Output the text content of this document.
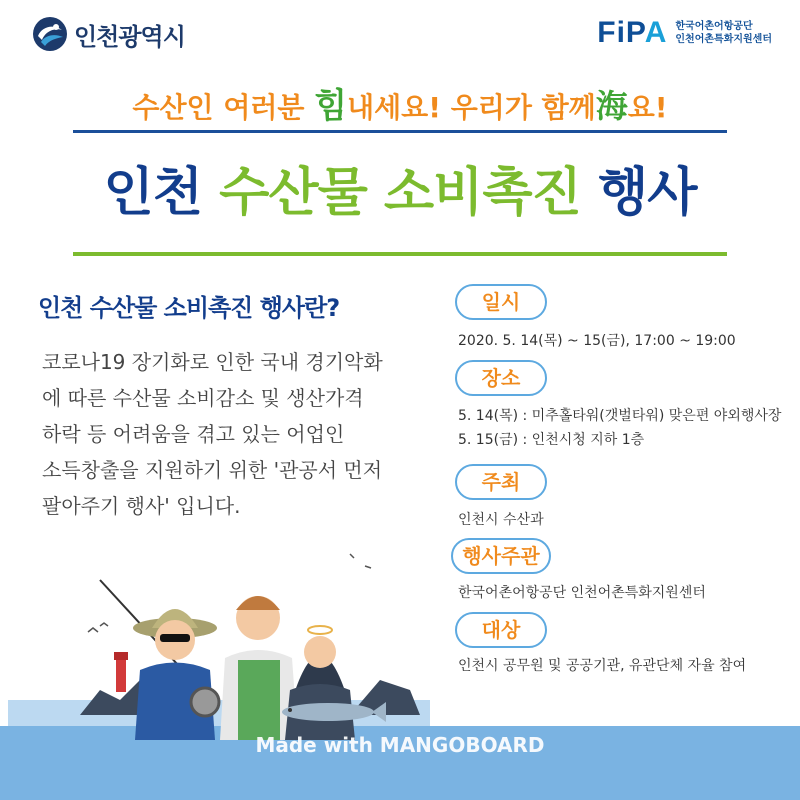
인천광역시	FiPA 한국어촌어항공단
인천어촌특화지원센터
수산인 여러분 힘내세요! 우리가 함께海요!
인천 수산물 소비촉진 행사
인천 수산물 소비촉진 행사란?
코로나19 장기화로 인한 국내 경기악화
에 따른 수산물 소비감소 및 생산가격
하락 등 어려움을 겪고 있는 어업인
소득창출을 지원하기 위한 '관공서 먼저
팔아주기 행사' 입니다.
일시
2020. 5. 14(목) ~ 15(금), 17:00 ~ 19:00
장소
5. 14(목) : 미추홀타워(갯벌타워) 맞은편 야외행사장
5. 15(금) : 인천시청 지하 1층
주최
인천시 수산과
행사주관
한국어촌어항공단 인천어촌특화지원센터
대상
인천시 공무원 및 공공기관, 유관단체 자율 참여
Made with MANGOBOARD
